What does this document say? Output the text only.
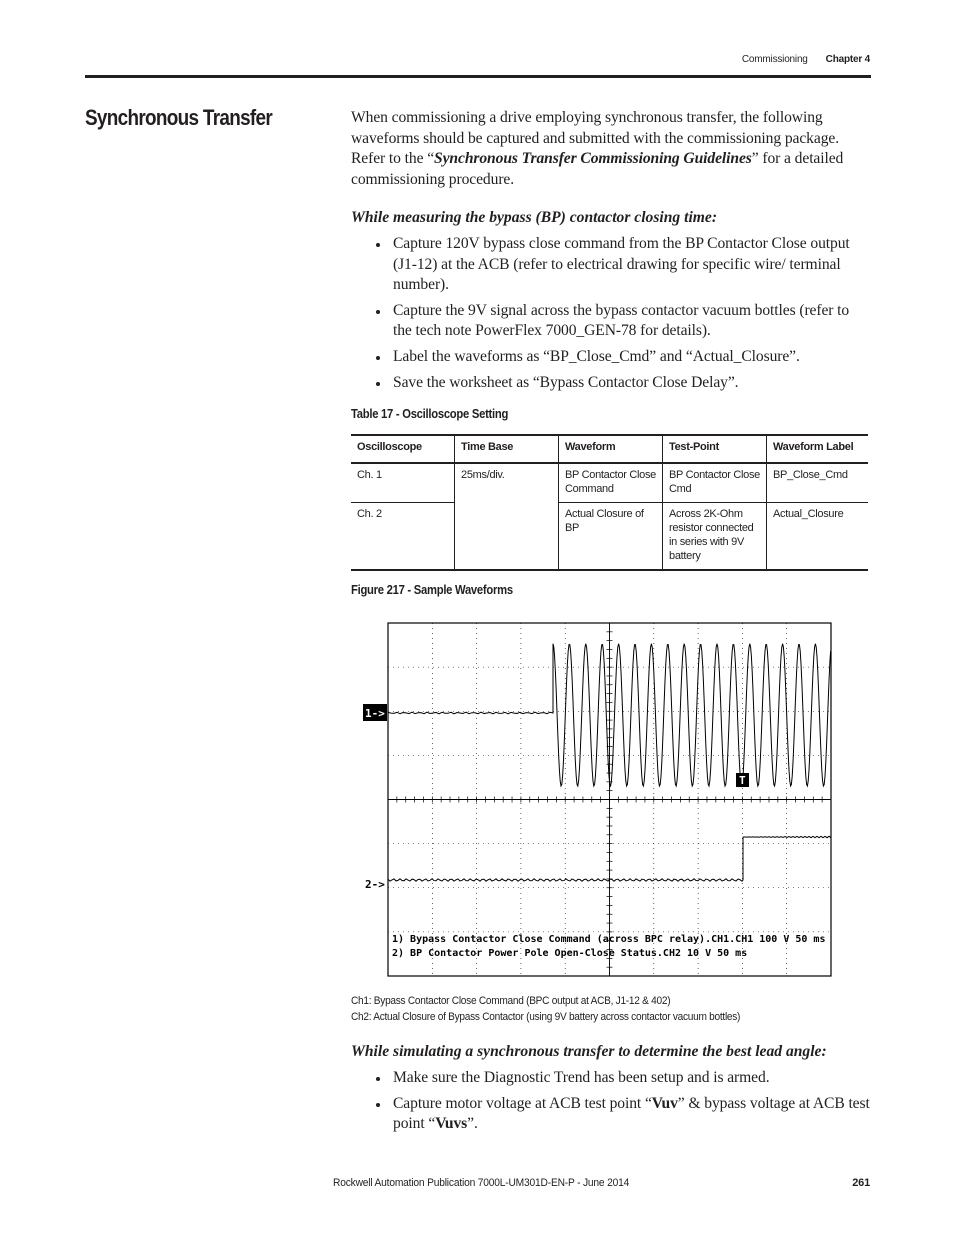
Commissioning Chapter 4
Synchronous Transfer	When commissioning a drive employing synchronous transfer, the following waveforms should be captured and submitted with the commissioning package. Refer to the “Synchronous Transfer Commissioning Guidelines” for a detailed commissioning procedure.
While measuring the bypass (BP) contactor closing time:
Capture 120V bypass close command from the BP Contactor Close output (J1-12) at the ACB (refer to electrical drawing for specific wire/ terminal number).
Capture the 9V signal across the bypass contactor vacuum bottles (refer to the tech note PowerFlex 7000_GEN-78 for details).
Label the waveforms as “BP_Close_Cmd” and “Actual_Closure”.
Save the worksheet as “Bypass Contactor Close Delay”.
Table 17 - Oscilloscope Setting
Oscilloscope	Time Base	Waveform	Test-Point	Waveform Label
Ch. 1	25ms/div.	BP Contactor Close Command	BP Contactor Close Cmd	BP_Close_Cmd
Ch. 2		Actual Closure of BP	Across 2K-Ohm resistor connected in series with 9V battery	Actual_Closure
Figure 217 - Sample Waveforms
1->
2->
T
1) Bypass Contactor Close Command (across BPC relay).CH1.CH1 100 V 50 ms
2) BP Contactor Power Pole Open-Close Status.CH2 10 V 50 ms
Ch1: Bypass Contactor Close Command (BPC output at ACB, J1-12 & 402)
Ch2: Actual Closure of Bypass Contactor (using 9V battery across contactor vacuum bottles)
While simulating a synchronous transfer to determine the best lead angle:
Make sure the Diagnostic Trend has been setup and is armed.
Capture motor voltage at ACB test point “Vuv” & bypass voltage at ACB test point “Vuvs”.
Rockwell Automation Publication 7000L-UM301D-EN-P - June 2014	261
